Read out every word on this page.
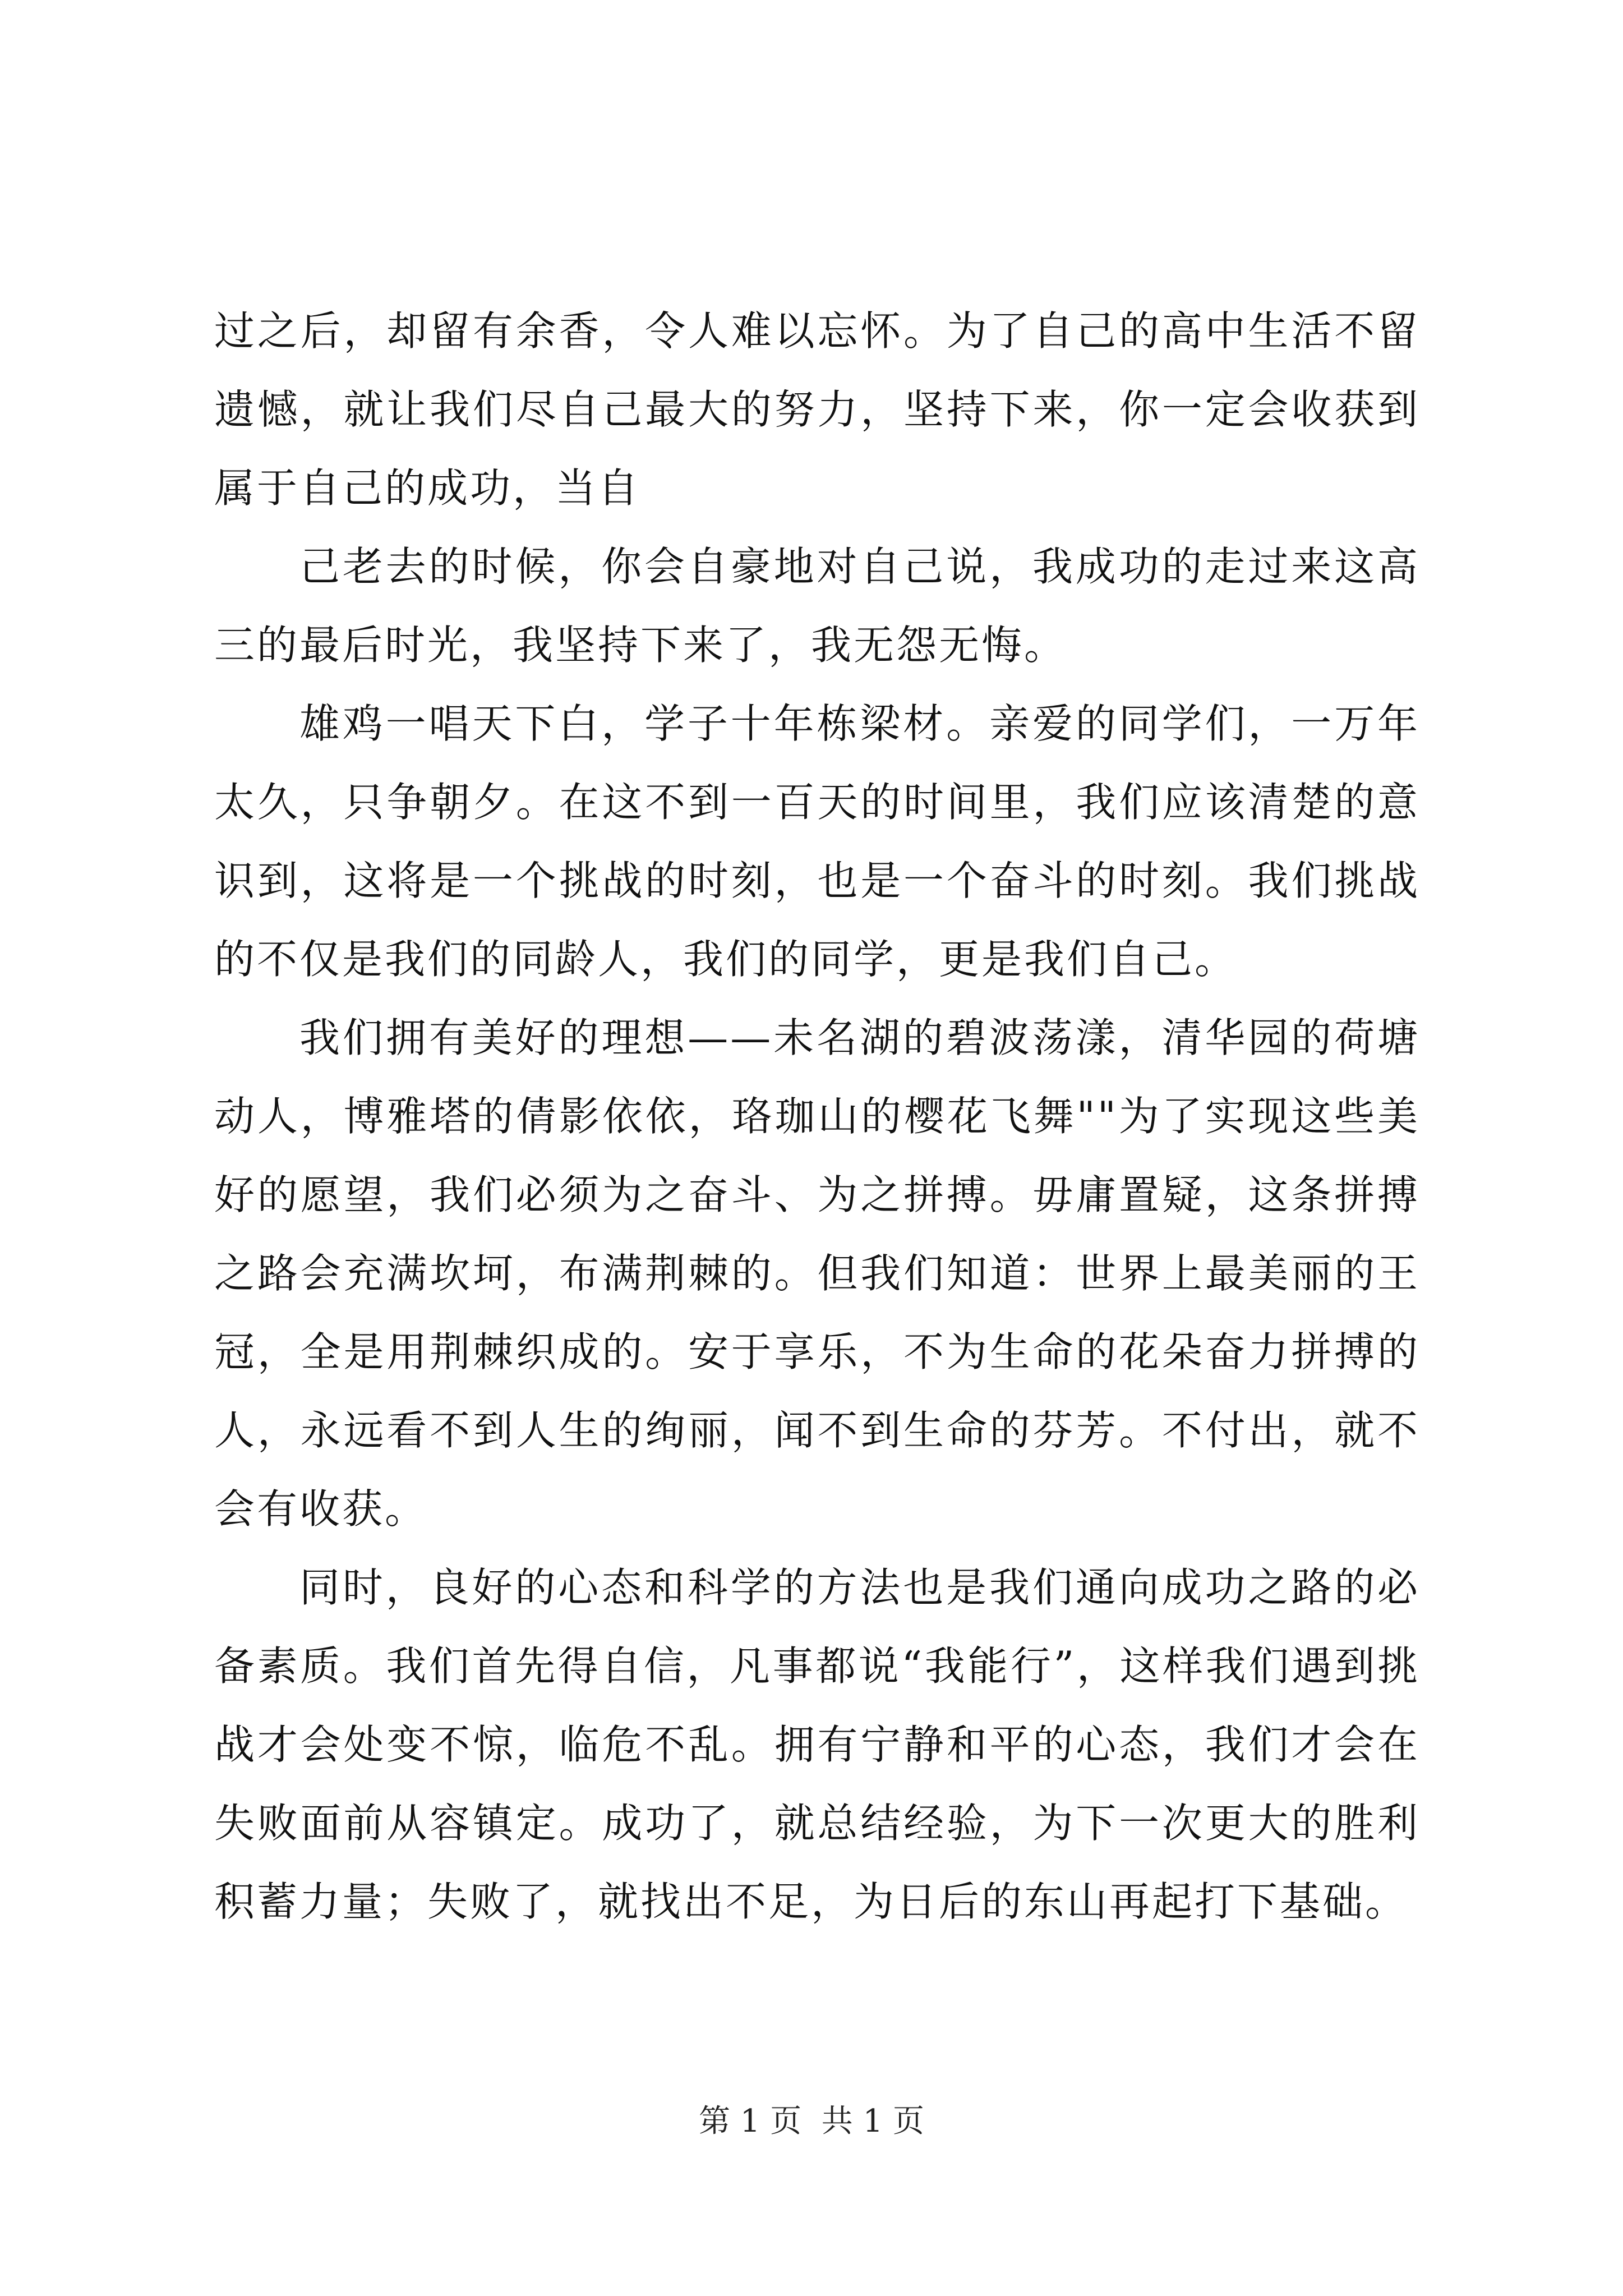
过之后，却留有余香，令人难以忘怀。为了自己的高中生活不留遗憾，就让我们尽自己最大的努力，坚持下来，你一定会收获到属于自己的成功，当自

己老去的时候，你会自豪地对自己说，我成功的走过来这高三的最后时光，我坚持下来了，我无怨无悔。

雄鸡一唱天下白，学子十年栋梁材。亲爱的同学们，一万年太久，只争朝夕。在这不到一百天的时间里，我们应该清楚的意识到，这将是一个挑战的时刻，也是一个奋斗的时刻。我们挑战的不仅是我们的同龄人，我们的同学，更是我们自己。

我们拥有美好的理想——未名湖的碧波荡漾，清华园的荷塘动人，博雅塔的倩影依依，珞珈山的樱花飞舞""为了实现这些美好的愿望，我们必须为之奋斗、为之拼搏。毋庸置疑，这条拼搏之路会充满坎坷，布满荆棘的。但我们知道：世界上最美丽的王冠，全是用荆棘织成的。安于享乐，不为生命的花朵奋力拼搏的人，永远看不到人生的绚丽，闻不到生命的芬芳。不付出，就不会有收获。

同时，良好的心态和科学的方法也是我们通向成功之路的必备素质。我们首先得自信，凡事都说“我能行”，这样我们遇到挑战才会处变不惊，临危不乱。拥有宁静和平的心态，我们才会在失败面前从容镇定。成功了，就总结经验，为下一次更大的胜利积蓄力量；失败了，就找出不足，为日后的东山再起打下基础。

第 1 页  共 1 页
